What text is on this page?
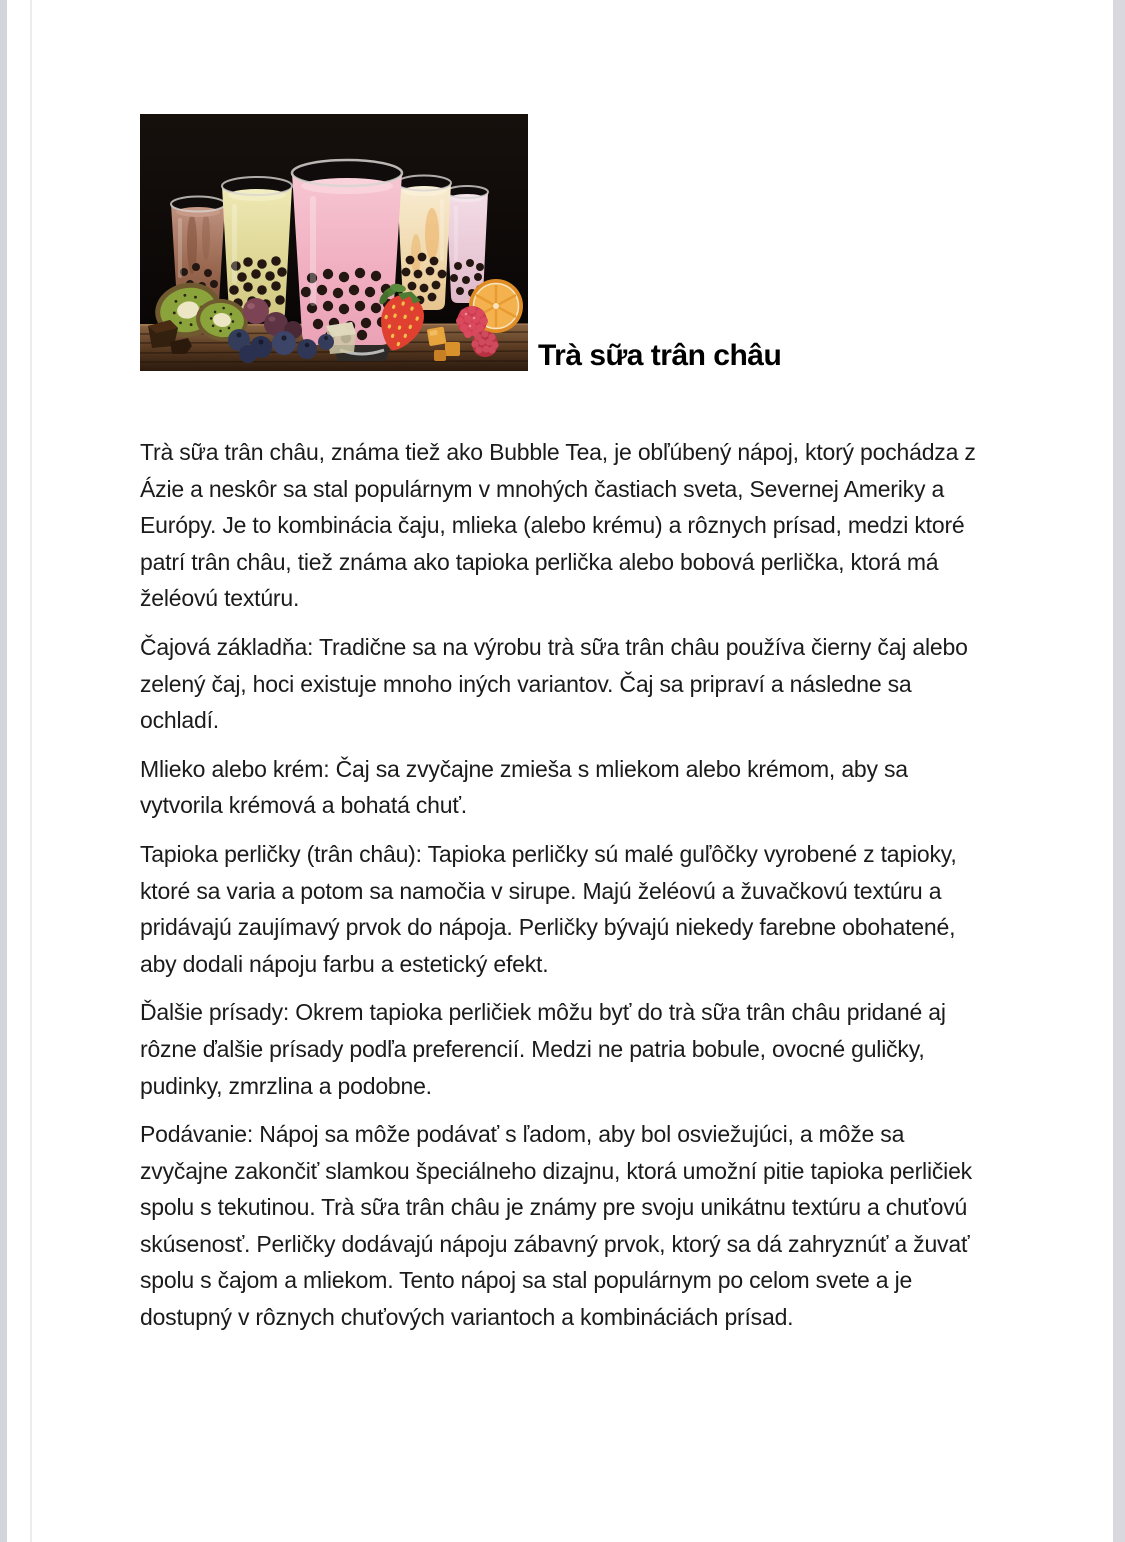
Trà sữa trân châu

Trà sữa trân châu, známa tiež ako Bubble Tea, je obľúbený nápoj, ktorý pochádza z Ázie a neskôr sa stal populárnym v mnohých častiach sveta, Severnej Ameriky a Európy. Je to kombinácia čaju, mlieka (alebo krému) a rôznych prísad, medzi ktoré patrí trân châu, tiež známa ako tapioka perlička alebo bobová perlička, ktorá má želéovú textúru.

Čajová základňa: Tradične sa na výrobu trà sữa trân châu používa čierny čaj alebo zelený čaj, hoci existuje mnoho iných variantov. Čaj sa pripraví a následne sa ochladí.

Mlieko alebo krém: Čaj sa zvyčajne zmieša s mliekom alebo krémom, aby sa vytvorila krémová a bohatá chuť.

Tapioka perličky (trân châu): Tapioka perličky sú malé guľôčky vyrobené z tapioky, ktoré sa varia a potom sa namočia v sirupe. Majú želéovú a žuvačkovú textúru a pridávajú zaujímavý prvok do nápoja. Perličky bývajú niekedy farebne obohatené, aby dodali nápoju farbu a estetický efekt.

Ďalšie prísady: Okrem tapioka perličiek môžu byť do trà sữa trân châu pridané aj rôzne ďalšie prísady podľa preferencií. Medzi ne patria bobule, ovocné guličky, pudinky, zmrzlina a podobne.

Podávanie: Nápoj sa môže podávať s ľadom, aby bol osviežujúci, a môže sa zvyčajne zakončiť slamkou špeciálneho dizajnu, ktorá umožní pitie tapioka perličiek spolu s tekutinou. Trà sữa trân châu je známy pre svoju unikátnu textúru a chuťovú skúsenosť. Perličky dodávajú nápoju zábavný prvok, ktorý sa dá zahryznúť a žuvať spolu s čajom a mliekom. Tento nápoj sa stal populárnym po celom svete a je dostupný v rôznych chuťových variantoch a kombináciách prísad.
